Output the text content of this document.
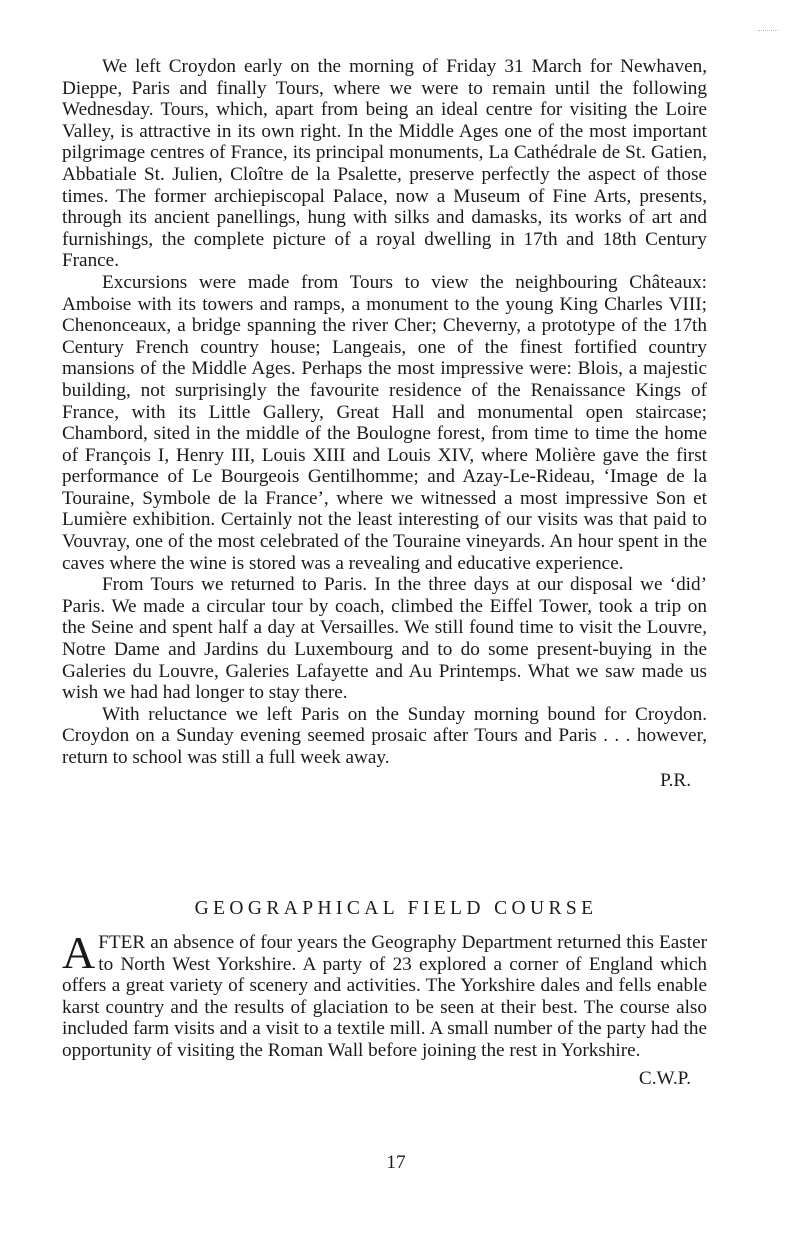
We left Croydon early on the morning of Friday 31 March for Newhaven, Dieppe, Paris and finally Tours, where we were to remain until the following Wednesday. Tours, which, apart from being an ideal centre for visiting the Loire Valley, is attractive in its own right. In the Middle Ages one of the most important pilgrimage centres of France, its principal monuments, La Cathédrale de St. Gatien, Abbatiale St. Julien, Cloître de la Psalette, preserve perfectly the aspect of those times. The former archiepiscopal Palace, now a Museum of Fine Arts, presents, through its ancient panellings, hung with silks and damasks, its works of art and furnishings, the complete picture of a royal dwelling in 17th and 18th Century France.

Excursions were made from Tours to view the neighbouring Châteaux: Amboise with its towers and ramps, a monument to the young King Charles VIII; Chenonceaux, a bridge spanning the river Cher; Cheverny, a prototype of the 17th Century French country house; Langeais, one of the finest fortified country mansions of the Middle Ages. Perhaps the most impressive were: Blois, a majestic building, not surprisingly the favourite residence of the Renaissance Kings of France, with its Little Gallery, Great Hall and monumental open staircase; Chambord, sited in the middle of the Boulogne forest, from time to time the home of François I, Henry III, Louis XIII and Louis XIV, where Molière gave the first performance of Le Bourgeois Gentilhomme; and Azay-Le-Rideau, ‘Image de la Touraine, Symbole de la France’, where we witnessed a most impressive Son et Lumière exhibition. Certainly not the least interesting of our visits was that paid to Vouvray, one of the most celebrated of the Touraine vineyards. An hour spent in the caves where the wine is stored was a revealing and educative experience.

From Tours we returned to Paris. In the three days at our disposal we ‘did’ Paris. We made a circular tour by coach, climbed the Eiffel Tower, took a trip on the Seine and spent half a day at Versailles. We still found time to visit the Louvre, Notre Dame and Jardins du Luxembourg and to do some present-buying in the Galeries du Louvre, Galeries Lafayette and Au Printemps. What we saw made us wish we had had longer to stay there.

With reluctance we left Paris on the Sunday morning bound for Croydon. Croydon on a Sunday evening seemed prosaic after Tours and Paris . . . however, return to school was still a full week away.

P.R.

GEOGRAPHICAL FIELD COURSE

AFTER an absence of four years the Geography Department returned this Easter to North West Yorkshire. A party of 23 explored a corner of England which offers a great variety of scenery and activities. The Yorkshire dales and fells enable karst country and the results of glaciation to be seen at their best. The course also included farm visits and a visit to a textile mill. A small number of the party had the opportunity of visiting the Roman Wall before joining the rest in Yorkshire.

C.W.P.

17
